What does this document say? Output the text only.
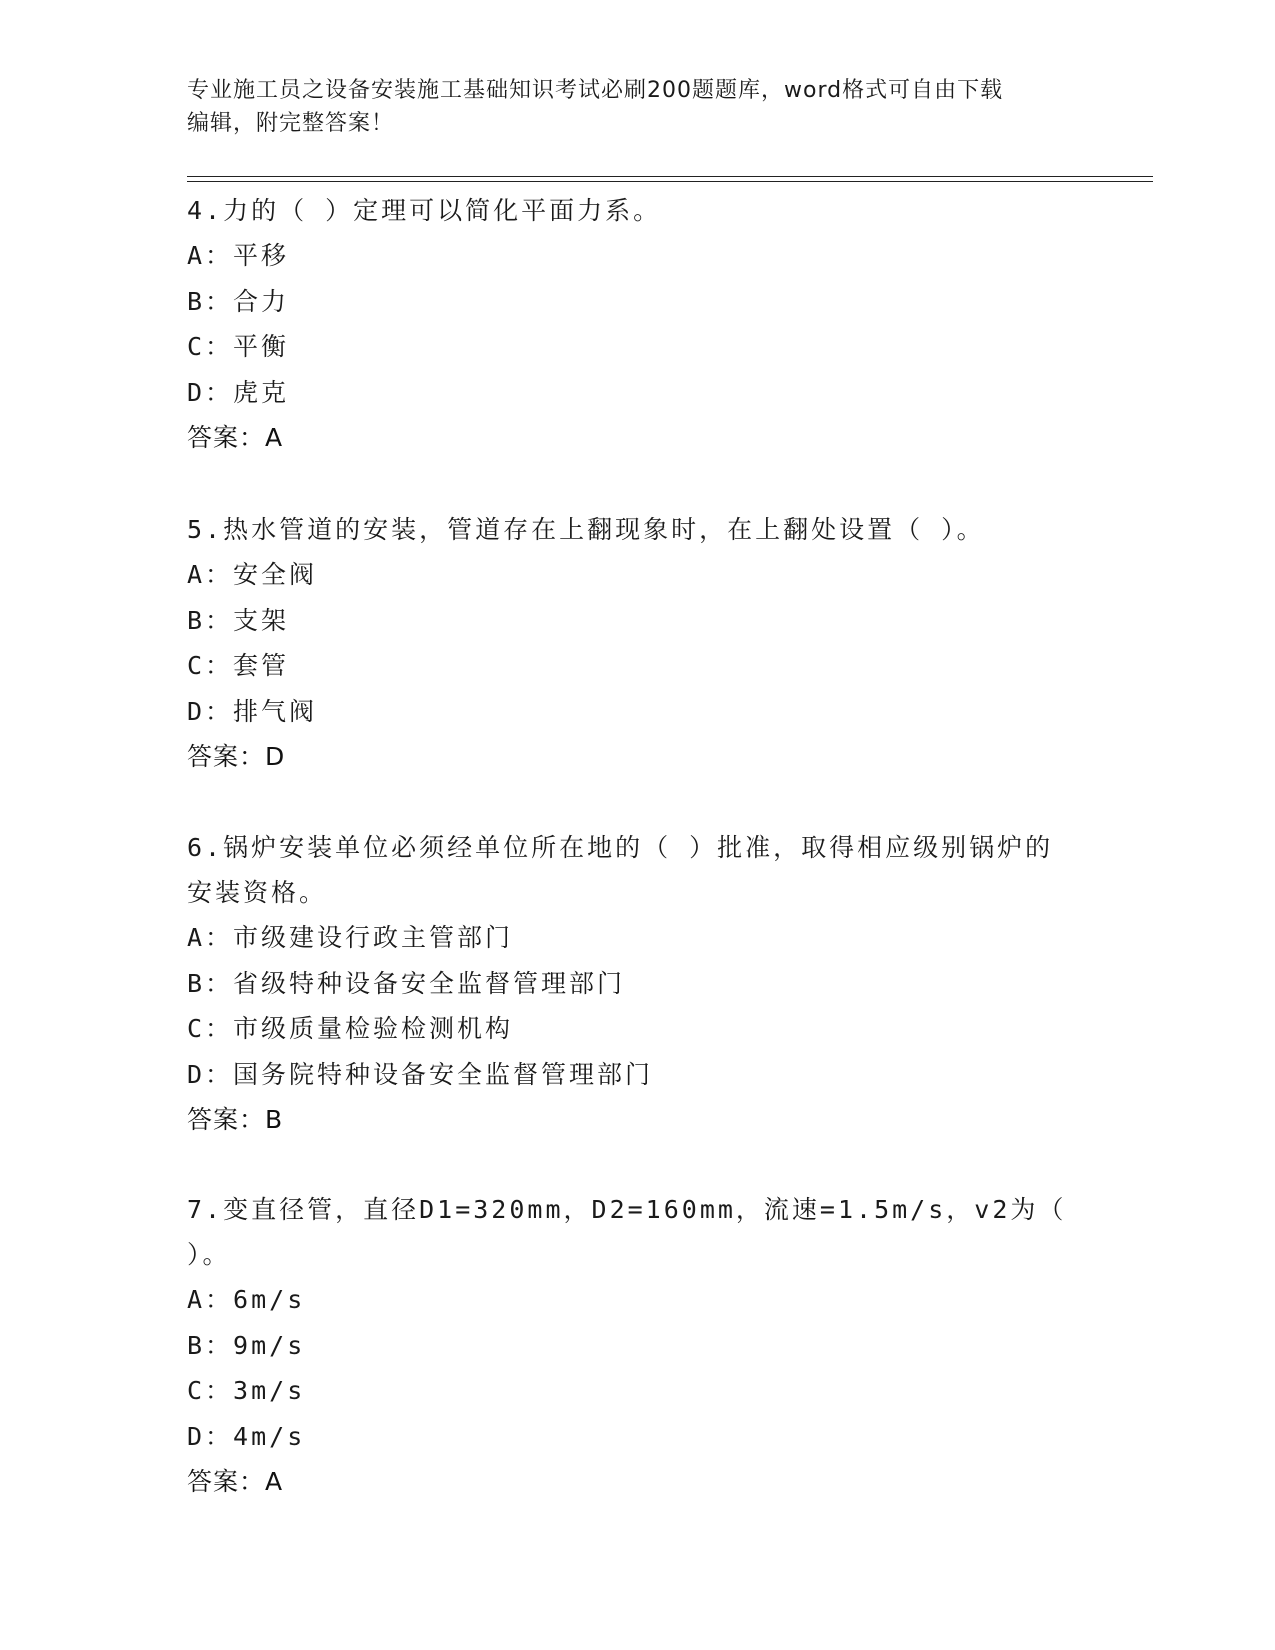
专业施工员之设备安装施工基础知识考试必刷200题题库，word格式可自由下载
编辑，附完整答案！

4.力的（ ）定理可以简化平面力系。

A：平移

B：合力

C：平衡

D：虎克

答案：A

5.热水管道的安装，管道存在上翻现象时，在上翻处设置（ ）。

A：安全阀

B：支架

C：套管

D：排气阀

答案：D

6.锅炉安装单位必须经单位所在地的（ ）批准，取得相应级别锅炉的

安装资格。

A：市级建设行政主管部门

B：省级特种设备安全监督管理部门

C：市级质量检验检测机构

D：国务院特种设备安全监督管理部门

答案：B

7.变直径管，直径D1=320mm，D2=160mm，流速=1.5m/s，v2为（ ）。

A：6m/s

B：9m/s

C：3m/s

D：4m/s

答案：A
